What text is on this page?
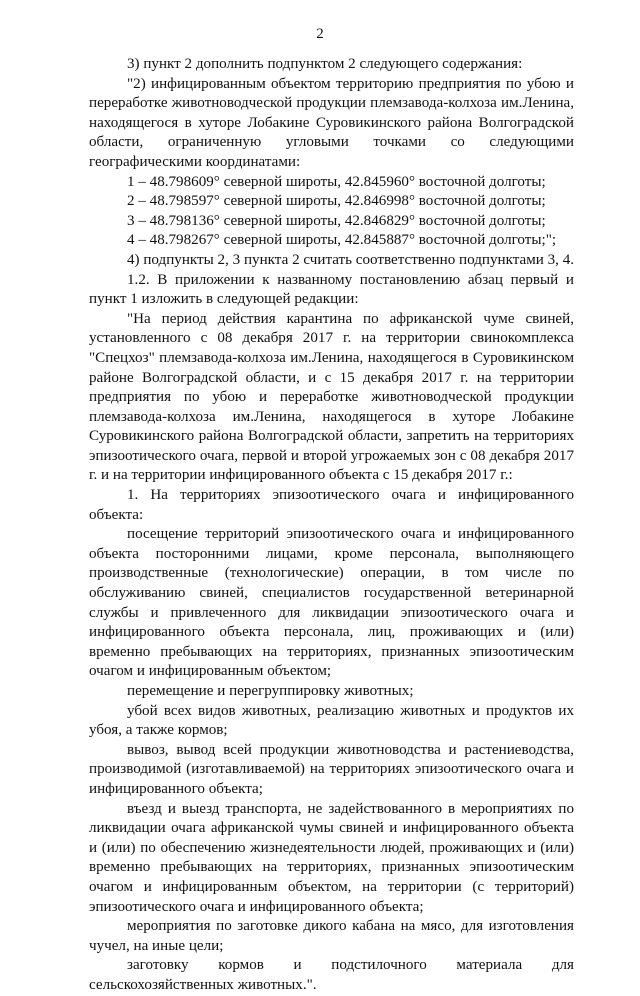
2

3) пункт 2 дополнить подпунктом 2 следующего содержания:

"2) инфицированным объектом территорию предприятия по убою и переработке животноводческой продукции племзавода-колхоза им.Ленина, находящегося в хуторе Лобакине Суровикинского района Волгоградской области, ограниченную угловыми точками со следующими географическими координатами:

1 – 48.798609° северной широты, 42.845960° восточной долготы;

2 – 48.798597° северной широты, 42.846998° восточной долготы;

3 – 48.798136° северной широты, 42.846829° восточной долготы;

4 – 48.798267° северной широты, 42.845887° восточной долготы;";

4) подпункты 2, 3 пункта 2 считать соответственно подпунктами 3, 4.

1.2. В приложении к названному постановлению абзац первый и пункт 1 изложить в следующей редакции:

"На период действия карантина по африканской чуме свиней, установленного с 08 декабря 2017 г. на территории свинокомплекса "Спецхоз" племзавода-колхоза им.Ленина, находящегося в Суровикинском районе Волгоградской области, и с 15 декабря 2017 г. на территории предприятия по убою и переработке животноводческой продукции племзавода-колхоза им.Ленина, находящегося в хуторе Лобакине Суровикинского района Волгоградской области, запретить на территориях эпизоотического очага, первой и второй угрожаемых зон с 08 декабря 2017 г. и на территории инфицированного объекта с 15 декабря 2017 г.:

1. На территориях эпизоотического очага и инфицированного объекта:

посещение территорий эпизоотического очага и инфицированного объекта посторонними лицами, кроме персонала, выполняющего производственные (технологические) операции, в том числе по обслуживанию свиней, специалистов государственной ветеринарной службы и привлеченного для ликвидации эпизоотического очага и инфицированного объекта персонала, лиц, проживающих и (или) временно пребывающих на территориях, признанных эпизоотическим очагом и инфицированным объектом;

перемещение и перегруппировку животных;

убой всех видов животных, реализацию животных и продуктов их убоя, а также кормов;

вывоз, вывод всей продукции животноводства и растениеводства, производимой (изготавливаемой) на территориях эпизоотического очага и инфицированного объекта;

въезд и выезд транспорта, не задействованного в мероприятиях по ликвидации очага африканской чумы свиней и инфицированного объекта и (или) по обеспечению жизнедеятельности людей, проживающих и (или) временно пребывающих на территориях, признанных эпизоотическим очагом и инфицированным объектом, на территории (с территорий) эпизоотического очага и инфицированного объекта;

мероприятия по заготовке дикого кабана на мясо, для изготовления чучел, на иные цели;

заготовку кормов и подстилочного материала для сельскохозяйственных животных.".
